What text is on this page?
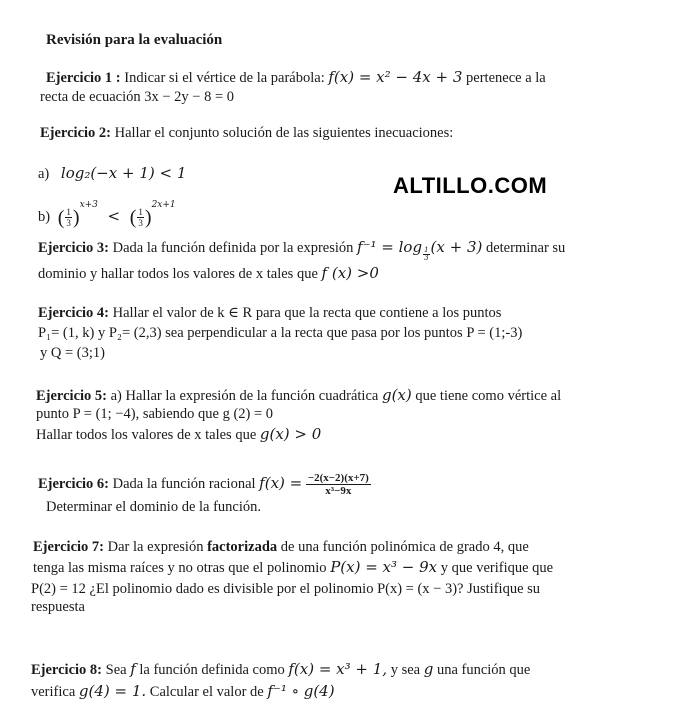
Revisión para la evaluación
ALTILLO.COM
Ejercicio 1 : Indicar si el vértice de la parábola: f(x) = x² − 4x + 3 pertenece a la
recta de ecuación 3x − 2y − 8 = 0
Ejercicio 2: Hallar el conjunto solución de las siguientes inecuaciones:
a) log₂(−x + 1) < 1
b) ( $\frac{1}{3} )^{x+3}$ < ( $\frac{1}{3} )^{2x+1}$
Ejercicio 3: Dada la función definida por la expresión $f^{-1} = \log \frac{1}{3} (x + 3)$ determinar su
dominio y hallar todos los valores de x tales que f (x) >0
Ejercicio 4: Hallar el valor de k ∈ R para que la recta que contiene a los puntos
P₁= (1, k) y P₂= (2,3) sea perpendicular a la recta que pasa por los puntos P = (1;-3)
y Q = (3;1)
Ejercicio 5: a) Hallar la expresión de la función cuadrática g(x) que tiene como vértice al
punto P = (1; −4), sabiendo que g (2) = 0
Hallar todos los valores de x tales que g(x) > 0
Ejercicio 6: Dada la función racional $f(x) = \frac{-2(x-2)(x+7)}{\text{x³−9x}}$
Determinar el dominio de la función.
Ejercicio 7: Dar la expresión factorizada de una función polinómica de grado 4, que
tenga las misma raíces y no otras que el polinomio P(x) = x³ − 9x y que verifique que
P(2) = 12 ¿El polinomio dado es divisible por el polinomio P(x) = (x − 3)? Justifique su
respuesta
Ejercicio 8: Sea f la función definida como f(x) = x³ + 1, y sea g una función que
verifica g(4) = 1. Calcular el valor de f⁻¹ ∘ g(4)
